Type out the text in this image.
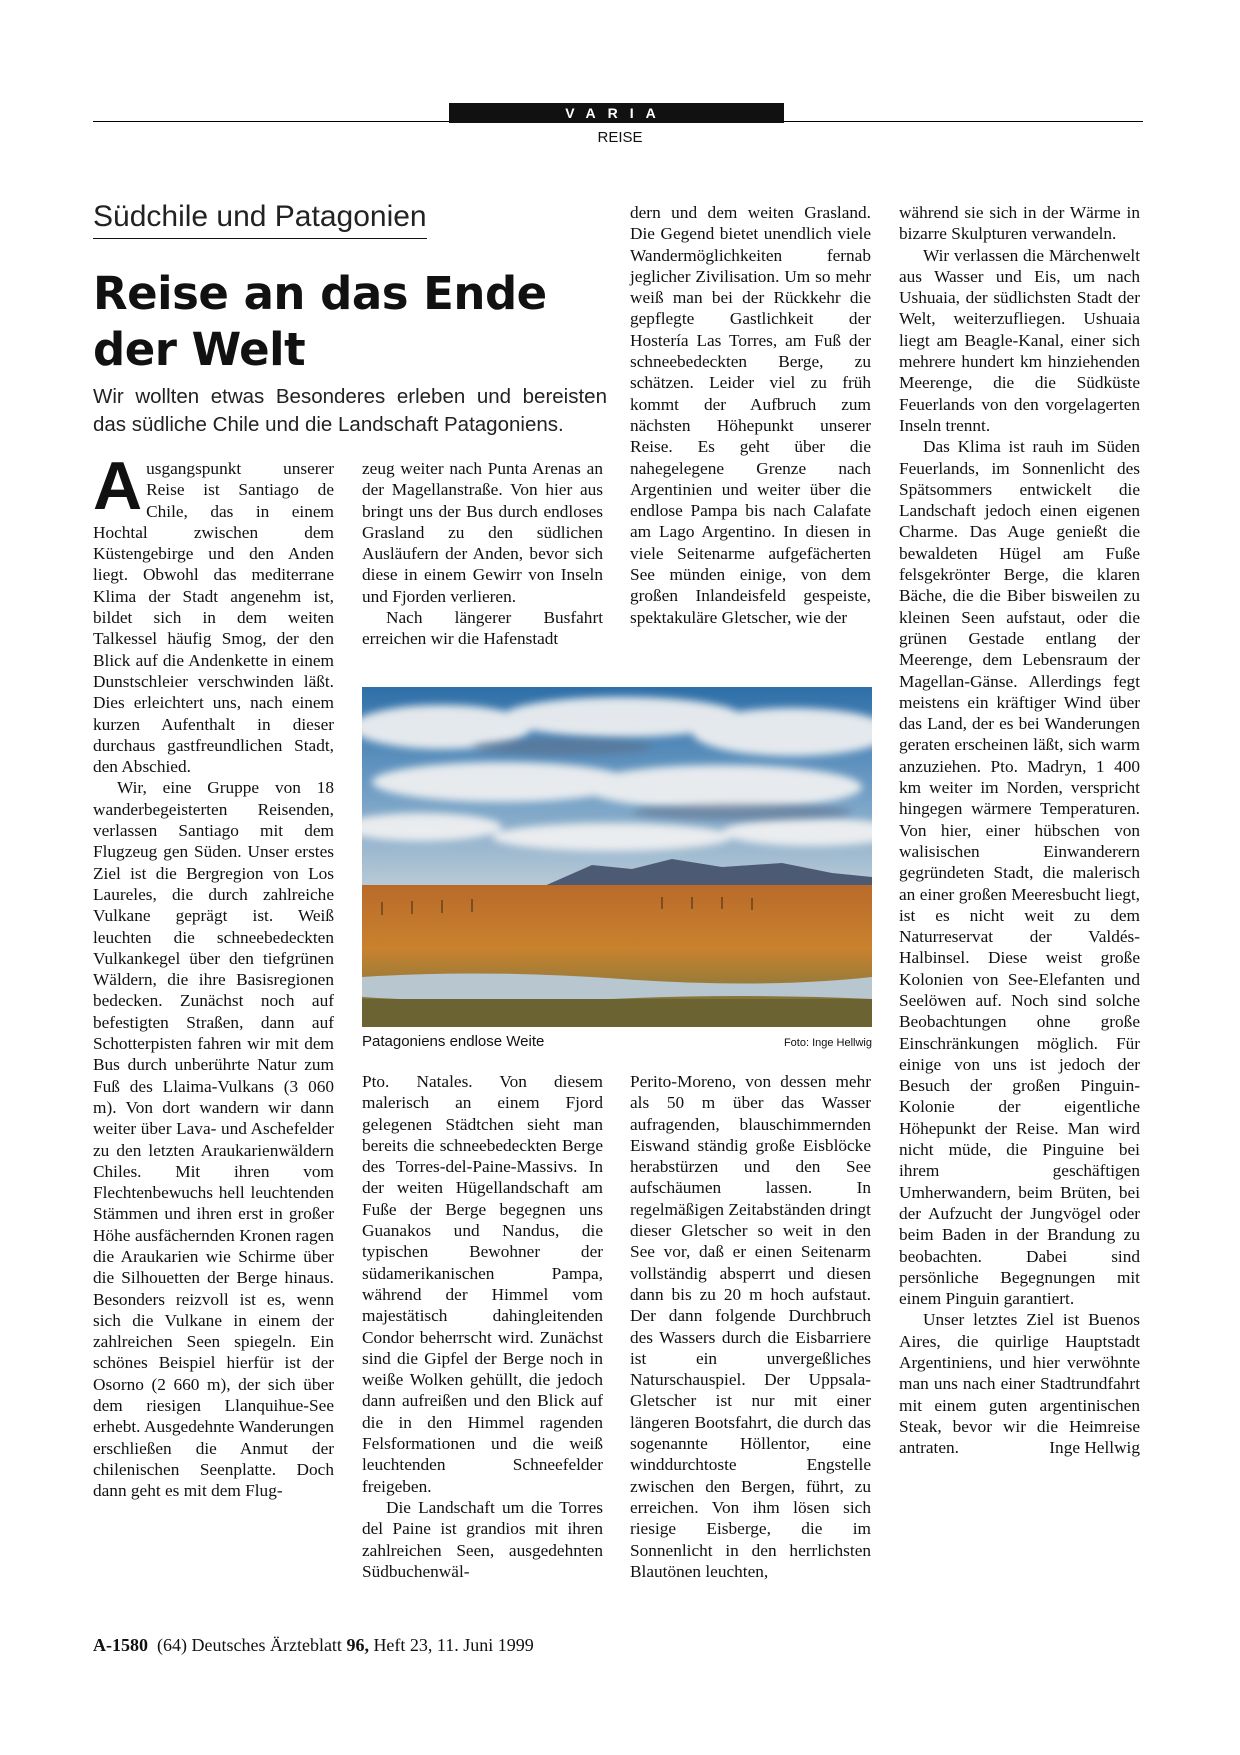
VARIA
REISE
Südchile und Patagonien
Reise an das Ende der Welt
Wir wollten etwas Besonderes erleben und bereisten das südliche Chile und die Landschaft Patagoniens.

Ausgangspunkt unserer Reise ist Santiago de Chile, das in einem Hochtal zwischen dem Küstengebirge und den Anden liegt. Obwohl das mediterrane Klima der Stadt angenehm ist, bildet sich in dem weiten Talkessel häufig Smog, der den Blick auf die Andenkette in einem Dunstschleier verschwinden läßt. Dies erleichtert uns, nach einem kurzen Aufenthalt in dieser durchaus gastfreundlichen Stadt, den Abschied.

Wir, eine Gruppe von 18 wanderbegeisterten Reisenden, verlassen Santiago mit dem Flugzeug gen Süden. Unser erstes Ziel ist die Bergregion von Los Laureles, die durch zahlreiche Vulkane geprägt ist. Weiß leuchten die schneebedeckten Vulkankegel über den tiefgrünen Wäldern, die ihre Basisregionen bedecken. Zunächst noch auf befestigten Straßen, dann auf Schotterpisten fahren wir mit dem Bus durch unberührte Natur zum Fuß des Llaima-Vulkans (3 060 m). Von dort wandern wir dann weiter über Lava- und Aschefelder zu den letzten Araukarienwäldern Chiles. Mit ihren vom Flechtenbewuchs hell leuchtenden Stämmen und ihren erst in großer Höhe ausfächernden Kronen ragen die Araukarien wie Schirme über die Silhouetten der Berge hinaus. Besonders reizvoll ist es, wenn sich die Vulkane in einem der zahlreichen Seen spiegeln. Ein schönes Beispiel hierfür ist der Osorno (2 660 m), der sich über dem riesigen Llanquihue-See erhebt. Ausgedehnte Wanderungen erschließen die Anmut der chilenischen Seenplatte. Doch dann geht es mit dem Flug-

zeug weiter nach Punta Arenas an der Magellanstraße. Von hier aus bringt uns der Bus durch endloses Grasland zu den südlichen Ausläufern der Anden, bevor sich diese in einem Gewirr von Inseln und Fjorden verlieren.

Nach längerer Busfahrt erreichen wir die Hafenstadt

dern und dem weiten Grasland. Die Gegend bietet unendlich viele Wandermöglichkeiten fernab jeglicher Zivilisation. Um so mehr weiß man bei der Rückkehr die gepflegte Gastlichkeit der Hostería Las Torres, am Fuß der schneebedeckten Berge, zu schätzen. Leider viel zu früh kommt der Aufbruch zum nächsten Höhepunkt unserer Reise. Es geht über die nahegelegene Grenze nach Argentinien und weiter über die endlose Pampa bis nach Calafate am Lago Argentino. In diesen in viele Seitenarme aufgefächerten See münden einige, von dem großen Inlandeisfeld gespeiste, spektakuläre Gletscher, wie der

während sie sich in der Wärme in bizarre Skulpturen verwandeln.

Wir verlassen die Märchenwelt aus Wasser und Eis, um nach Ushuaia, der südlichsten Stadt der Welt, weiterzufliegen. Ushuaia liegt am Beagle-Kanal, einer sich mehrere hundert km hinziehenden Meerenge, die die Südküste Feuerlands von den vorgelagerten Inseln trennt.

Das Klima ist rauh im Süden Feuerlands, im Sonnenlicht des Spätsommers entwickelt die Landschaft jedoch einen eigenen Charme. Das Auge genießt die bewaldeten Hügel am Fuße felsgekrönter Berge, die klaren Bäche, die die Biber bisweilen zu kleinen Seen aufstaut, oder die grünen Gestade entlang der Meerenge, dem Lebensraum der Magellan-Gänse. Allerdings fegt meistens ein kräftiger Wind über das Land, der es bei Wanderungen geraten erscheinen läßt, sich warm anzuziehen. Pto. Madryn, 1 400 km weiter im Norden, verspricht hingegen wärmere Temperaturen. Von hier, einer hübschen von walisischen Einwanderern gegründeten Stadt, die malerisch an einer großen Meeresbucht liegt, ist es nicht weit zu dem Naturreservat der Valdés-Halbinsel. Diese weist große Kolonien von See-Elefanten und Seelöwen auf. Noch sind solche Beobachtungen ohne große Einschränkungen möglich. Für einige von uns ist jedoch der Besuch der großen Pinguin-Kolonie der eigentliche Höhepunkt der Reise. Man wird nicht müde, die Pinguine bei ihrem geschäftigen Umherwandern, beim Brüten, bei der Aufzucht der Jungvögel oder beim Baden in der Brandung zu beobachten. Dabei sind persönliche Begegnungen mit einem Pinguin garantiert.

Unser letztes Ziel ist Buenos Aires, die quirlige Hauptstadt Argentiniens, und hier verwöhnte man uns nach einer Stadtrundfahrt mit einem guten argentinischen Steak, bevor wir die Heimreise antraten.	Inge Hellwig

Pto. Natales. Von diesem malerisch an einem Fjord gelegenen Städtchen sieht man bereits die schneebedeckten Berge des Torres-del-Paine-Massivs. In der weiten Hügellandschaft am Fuße der Berge begegnen uns Guanakos und Nandus, die typischen Bewohner der südamerikanischen Pampa, während der Himmel vom majestätisch dahingleitenden Condor beherrscht wird. Zunächst sind die Gipfel der Berge noch in weiße Wolken gehüllt, die jedoch dann aufreißen und den Blick auf die in den Himmel ragenden Felsformationen und die weiß leuchtenden Schneefelder freigeben.

Die Landschaft um die Torres del Paine ist grandios mit ihren zahlreichen Seen, ausgedehnten Südbuchenwäl-

Perito-Moreno, von dessen mehr als 50 m über das Wasser aufragenden, blauschimmernden Eiswand ständig große Eisblöcke herabstürzen und den See aufschäumen lassen. In regelmäßigen Zeitabständen dringt dieser Gletscher so weit in den See vor, daß er einen Seitenarm vollständig absperrt und diesen dann bis zu 20 m hoch aufstaut. Der dann folgende Durchbruch des Wassers durch die Eisbarriere ist ein unvergeßliches Naturschauspiel. Der Uppsala-Gletscher ist nur mit einer längeren Bootsfahrt, die durch das sogenannte Höllentor, eine winddurchtoste Engstelle zwischen den Bergen, führt, zu erreichen. Von ihm lösen sich riesige Eisberge, die im Sonnenlicht in den herrlichsten Blautönen leuchten,

Patagoniens endlose Weite	Foto: Inge Hellwig
A-1580 (64) Deutsches Ärzteblatt 96, Heft 23, 11. Juni 1999
